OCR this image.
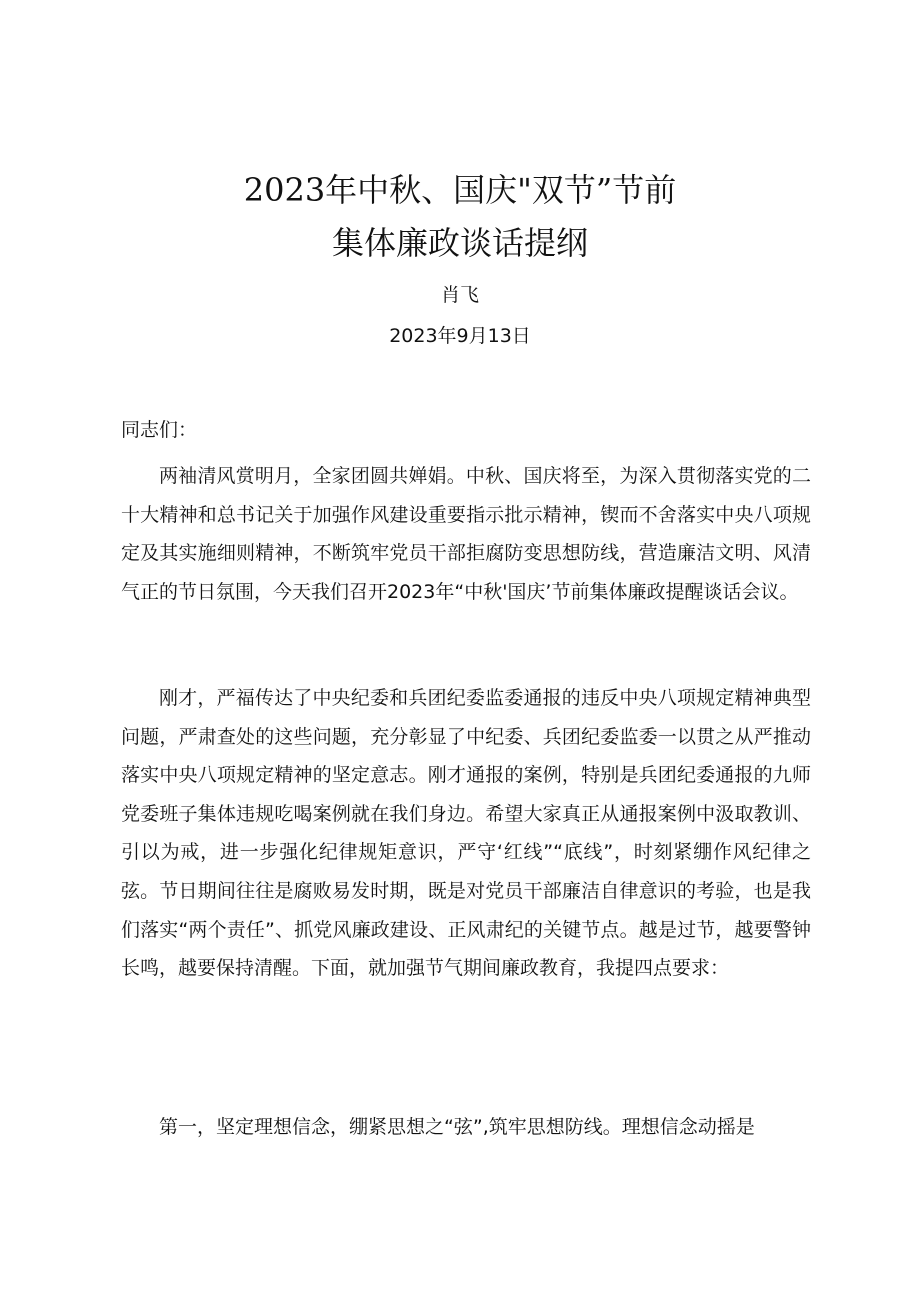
2023年中秋、国庆"双节”节前
集体廉政谈话提纲
肖飞
2023年9月13日
同志们：

两袖清风赏明月，全家团圆共婵娟。中秋、国庆将至，为深入贯彻落实党的二十大精神和总书记关于加强作风建设重要指示批示精神，锲而不舍落实中央八项规定及其实施细则精神，不断筑牢党员干部拒腐防变思想防线，营造廉洁文明、风清气正的节日氛围，今天我们召开2023年“中秋'国庆’节前集体廉政提醒谈话会议。

刚才，严福传达了中央纪委和兵团纪委监委通报的违反中央八项规定精神典型问题，严肃查处的这些问题，充分彰显了中纪委、兵团纪委监委一以贯之从严推动落实中央八项规定精神的坚定意志。刚才通报的案例，特别是兵团纪委通报的九师党委班子集体违规吃喝案例就在我们身边。希望大家真正从通报案例中汲取教训、引以为戒，进一步强化纪律规矩意识，严守‘红线”“底线”，时刻紧绷作风纪律之弦。节日期间往往是腐败易发时期，既是对党员干部廉洁自律意识的考验，也是我们落实“两个责任”、抓党风廉政建设、正风肃纪的关键节点。越是过节，越要警钟长鸣，越要保持清醒。下面，就加强节气期间廉政教育，我提四点要求：

第一，坚定理想信念，绷紧思想之“弦”,筑牢思想防线。理想信念动摇是
